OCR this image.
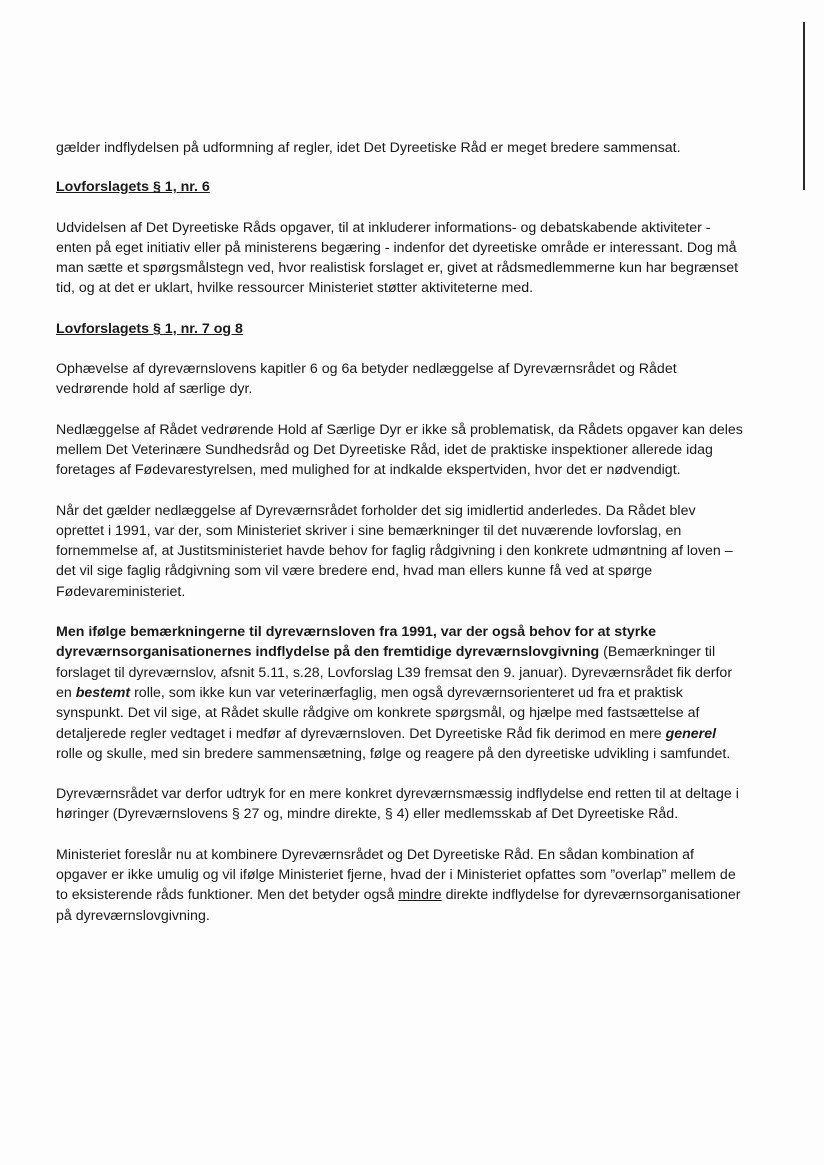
gælder indflydelsen på udformning af regler, idet Det Dyreetiske Råd er meget bredere sammensat.

Lovforslagets § 1, nr. 6

Udvidelsen af Det Dyreetiske Råds opgaver, til at inkluderer informations- og debatskabende aktiviteter - enten på eget initiativ eller på ministerens begæring - indenfor det dyreetiske område er interessant. Dog må man sætte et spørgsmålstegn ved, hvor realistisk forslaget er, givet at rådsmedlemmerne kun har begrænset tid, og at det er uklart, hvilke ressourcer Ministeriet støtter aktiviteterne med.

Lovforslagets § 1, nr. 7 og 8

Ophævelse af dyreværnslovens kapitler 6 og 6a betyder nedlæggelse af Dyreværnsrådet og Rådet vedrørende hold af særlige dyr.

Nedlæggelse af Rådet vedrørende Hold af Særlige Dyr er ikke så problematisk, da Rådets opgaver kan deles mellem Det Veterinære Sundhedsråd og Det Dyreetiske Råd, idet de praktiske inspektioner allerede idag foretages af Fødevarestyrelsen, med mulighed for at indkalde ekspertviden, hvor det er nødvendigt.

Når det gælder nedlæggelse af Dyreværnsrådet forholder det sig imidlertid anderledes. Da Rådet blev oprettet i 1991, var der, som Ministeriet skriver i sine bemærkninger til det nuværende lovforslag, en fornemmelse af, at Justitsministeriet havde behov for faglig rådgivning i den konkrete udmøntning af loven – det vil sige faglig rådgivning som vil være bredere end, hvad man ellers kunne få ved at spørge Fødevareministeriet.

Men ifølge bemærkningerne til dyreværnsloven fra 1991, var der også behov for at styrke dyreværnsorganisationernes indflydelse på den fremtidige dyreværnslovgivning (Bemærkninger til forslaget til dyreværnslov, afsnit 5.11, s.28, Lovforslag L39 fremsat den 9. januar). Dyreværnsrådet fik derfor en bestemt rolle, som ikke kun var veterinærfaglig, men også dyreværnsorienteret ud fra et praktisk synspunkt. Det vil sige, at Rådet skulle rådgive om konkrete spørgsmål, og hjælpe med fastsættelse af detaljerede regler vedtaget i medfør af dyreværnsloven. Det Dyreetiske Råd fik derimod en mere generel rolle og skulle, med sin bredere sammensætning, følge og reagere på den dyreetiske udvikling i samfundet.

Dyreværnsrådet var derfor udtryk for en mere konkret dyreværnsmæssig indflydelse end retten til at deltage i høringer (Dyreværnslovens § 27 og, mindre direkte, § 4) eller medlemsskab af Det Dyreetiske Råd.

Ministeriet foreslår nu at kombinere Dyreværnsrådet og Det Dyreetiske Råd. En sådan kombination af opgaver er ikke umulig og vil ifølge Ministeriet fjerne, hvad der i Ministeriet opfattes som ”overlap” mellem de to eksisterende råds funktioner. Men det betyder også mindre direkte indflydelse for dyreværnsorganisationer på dyreværnslovgivning.
